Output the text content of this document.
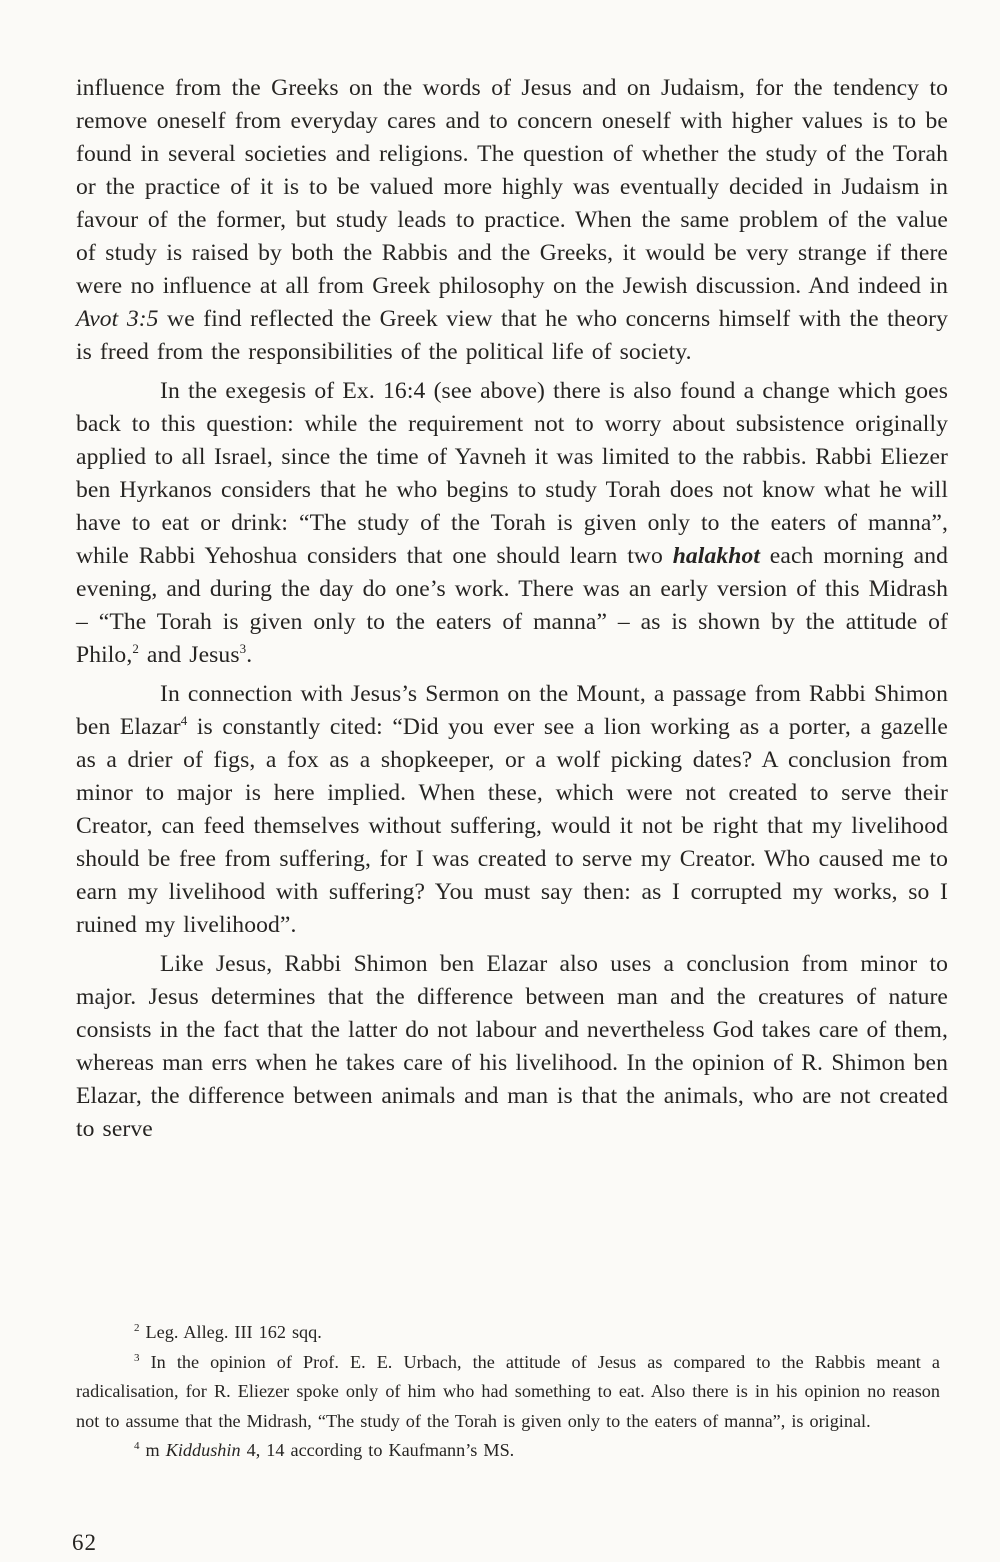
influence from the Greeks on the words of Jesus and on Judaism, for the tendency to remove oneself from everyday cares and to concern oneself with higher values is to be found in several societies and religions. The question of whether the study of the Torah or the practice of it is to be valued more highly was eventually decided in Judaism in favour of the former, but study leads to practice. When the same problem of the value of study is raised by both the Rabbis and the Greeks, it would be very strange if there were no influence at all from Greek philosophy on the Jewish discussion. And indeed in Avot 3:5 we find reflected the Greek view that he who concerns himself with the theory is freed from the responsibilities of the political life of society.

In the exegesis of Ex. 16:4 (see above) there is also found a change which goes back to this question: while the requirement not to worry about subsistence originally applied to all Israel, since the time of Yavneh it was limited to the rabbis. Rabbi Eliezer ben Hyrkanos considers that he who begins to study Torah does not know what he will have to eat or drink: “The study of the Torah is given only to the eaters of manna”, while Rabbi Yehoshua considers that one should learn two halakhot each morning and evening, and during the day do one’s work. There was an early version of this Midrash – “The Torah is given only to the eaters of manna” – as is shown by the attitude of Philo,$^2$ and Jesus$^3$.

In connection with Jesus’s Sermon on the Mount, a passage from Rabbi Shimon ben Elazar$^4$ is constantly cited: “Did you ever see a lion working as a porter, a gazelle as a drier of figs, a fox as a shopkeeper, or a wolf picking dates? A conclusion from minor to major is here implied. When these, which were not created to serve their Creator, can feed themselves without suffering, would it not be right that my livelihood should be free from suffering, for I was created to serve my Creator. Who caused me to earn my livelihood with suffering? You must say then: as I corrupted my works, so I ruined my livelihood”.

Like Jesus, Rabbi Shimon ben Elazar also uses a conclusion from minor to major. Jesus determines that the difference between man and the creatures of nature consists in the fact that the latter do not labour and nevertheless God takes care of them, whereas man errs when he takes care of his livelihood. In the opinion of R. Shimon ben Elazar, the difference between animals and man is that the animals, who are not created to serve

$^2$ Leg. Alleg. III 162 sqq.

$^3$ In the opinion of Prof. E. E. Urbach, the attitude of Jesus as compared to the Rabbis meant a radicalisation, for R. Eliezer spoke only of him who had something to eat. Also there is in his opinion no reason not to assume that the Midrash, “The study of the Torah is given only to the eaters of manna”, is original.

$^4$ m Kiddushin 4, 14 according to Kaufmann’s MS.

62
